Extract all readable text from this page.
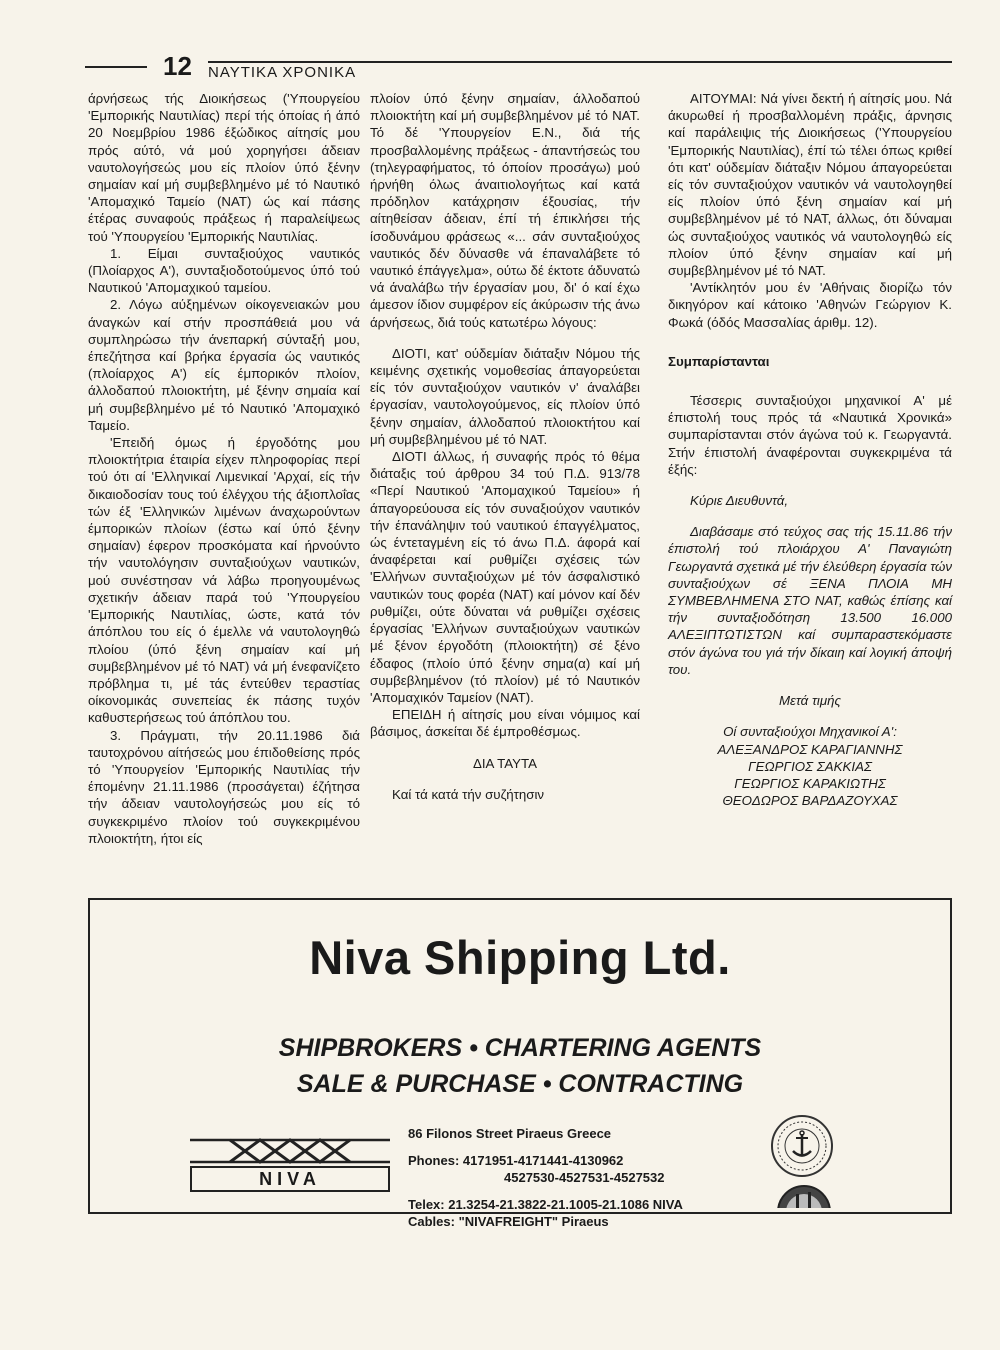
12 ΝΑΥΤΙΚΑ ΧΡΟΝΙΚΑ

άρνήσεως τής Διοικήσεως ('Υπουργείου 'Εμπορικής Ναυτιλίας) περί τής όποίας ή άπό 20 Νοεμβρίου 1986 έξώδικος αίτησίς μου πρός αύτό, νά μού χορηγήσει άδειαν ναυτολογήσεώς μου είς πλοίον ύπό ξένην σημαίαν καί μή συμβεβλημένο μέ τό Ναυτικό 'Απομαχικό Ταμείο (ΝΑΤ) ώς καί πάσης έτέρας συναφούς πράξεως ή παραλείψεως τού 'Υπουργείου 'Εμπορικής Ναυτιλίας.

1. Είμαι συνταξιούχος ναυτικός (Πλοίαρχος Α'), συνταξιοδοτούμενος ύπό τού Ναυτικού 'Απομαχικού ταμείου.

2. Λόγω αύξημένων οίκογενειακών μου άναγκών καί στήν προσπάθειά μου νά συμπληρώσω τήν άνεπαρκή σύνταξή μου, έπεζήτησα καί βρήκα έργασία ώς ναυτικός (πλοίαρχος Α') είς έμπορικόν πλοίον, άλλοδαπού πλοιοκτήτη, μέ ξένην σημαία καί μή συμβεβλημένο μέ τό Ναυτικό 'Απομαχικό Ταμείο.

'Επειδή όμως ή έργοδότης μου πλοιοκτήτρια έταιρία είχεν πληροφορίας περί τού ότι αί 'Ελληνικαί Λιμενικαί 'Αρχαί, είς τήν δικαιοδοσίαν τους τού έλέγχου τής άξιοπλοΐας τών έξ 'Ελληνικών λιμένων άναχωρούντων έμπορικών πλοίων (έστω καί ύπό ξένην σημαίαν) έφερον προσκόματα καί ήρνούντο τήν ναυτολόγησιν συνταξιούχων ναυτικών, μού συνέστησαν νά λάβω προηγουμένως σχετικήν άδειαν παρά τού 'Υπουργείου 'Εμπορικής Ναυτιλίας, ώστε, κατά τόν άπόπλου του είς ό έμελλε νά ναυτολογηθώ πλοίου (ύπό ξένη σημαίαν καί μή συμβεβλημένον μέ τό ΝΑΤ) νά μή ένεφανίζετο πρόβλημα τι, μέ τάς έντεύθεν τεραστίας οίκονομικάς συνεπείας έκ πάσης τυχόν καθυστερήσεως τού άπόπλου του.

3. Πράγματι, τήν 20.11.1986 διά ταυτοχρόνου αίτήσεώς μου έπιδοθείσης πρός τό 'Υπουργείον 'Εμπορικής Ναυτιλίας τήν έπομένην 21.11.1986 (προσάγεται) έζήτησα τήν άδειαν ναυτολογήσεώς μου είς τό συγκεκριμένο πλοίον τού συγκεκριμένου πλοιοκτήτη, ήτοι είς

πλοίον ύπό ξένην σημαίαν, άλλοδαπού πλοιοκτήτη καί μή συμβεβλημένον μέ τό ΝΑΤ. Τό δέ 'Υπουργείον Ε.Ν., διά τής προσβαλλομένης πράξεως - άπαντήσεώς του (τηλεγραφήματος, τό όποίον προσάγω) μού ήρνήθη όλως άναιτιολογήτως καί κατά πρόδηλον κατάχρησιν έξουσίας, τήν αίτηθείσαν άδειαν, έπί τή έπικλήσει τής ίσοδυνάμου φράσεως «... σάν συνταξιούχος ναυτικός δέν δύνασθε νά έπαναλάβετε τό ναυτικό έπάγγελμα», ούτω δέ έκτοτε άδυνατώ νά άναλάβω τήν έργασίαν μου, δι' ό καί έχω άμεσον ίδιον συμφέρον είς άκύρωσιν τής άνω άρνήσεως, διά τούς κατωτέρω λόγους:

ΔΙΟΤΙ, κατ' ούδεμίαν διάταξιν Νόμου τής κειμένης σχετικής νομοθεσίας άπαγορεύεται είς τόν συνταξιούχον ναυτικόν ν' άναλάβει έργασίαν, ναυτολογούμενος, είς πλοίον ύπό ξένην σημαίαν, άλλοδαπού πλοιοκτήτου καί μή συμβεβλημένου μέ τό ΝΑΤ.

ΔΙΟΤΙ άλλως, ή συναφής πρός τό θέμα διάταξις τού άρθρου 34 τού Π.Δ. 913/78 «Περί Ναυτικού 'Απομαχικού Ταμείου» ή άπαγορεύουσα είς τόν συναξιούχον ναυτικόν τήν έπανάληψιν τού ναυτικού έπαγγέλματος, ώς έντεταγμένη είς τό άνω Π.Δ. άφορά καί άναφέρεται καί ρυθμίζει σχέσεις τών 'Ελλήνων συνταξιούχων μέ τόν άσφαλιστικό ναυτικών τους φορέα (ΝΑΤ) καί μόνον καί δέν ρυθμίζει, ούτε δύναται νά ρυθμίζει σχέσεις έργασίας 'Ελλήνων συνταξιούχων ναυτικών μέ ξένον έργοδότη (πλοιοκτήτη) σέ ξένο έδαφος (πλοίο ύπό ξένην σημα(α) καί μή συμβεβλημένον (τό πλοίον) μέ τό Ναυτικόν 'Απομαχικόν Ταμείον (ΝΑΤ).

ΕΠΕΙΔΗ ή αίτησίς μου είναι νόμιμος καί βάσιμος, άσκείται δέ έμπροθέσμως.

ΔΙΑ ΤΑΥΤΑ

Καί τά κατά τήν συζήτησιν

ΑΙΤΟΥΜΑΙ: Νά γίνει δεκτή ή αίτησίς μου. Νά άκυρωθεί ή προσβαλλομένη πράξις, άρνησις καί παράλειψις τής Διοικήσεως ('Υπουργείου 'Εμπορικής Ναυτιλίας), έπί τώ τέλει όπως κριθεί ότι κατ' ούδεμίαν διάταξιν Νόμου άπαγορεύεται είς τόν συνταξιούχον ναυτικόν νά ναυτολογηθεί είς πλοίον ύπό ξένη σημαίαν καί μή συμβεβλημένον μέ τό ΝΑΤ, άλλως, ότι δύναμαι ώς συνταξιούχος ναυτικός νά ναυτολογηθώ είς πλοίον ύπό ξένην σημαίαν καί μή συμβεβλημένον μέ τό ΝΑΤ.

'Αντίκλητόν μου έν 'Αθήναις διορίζω τόν δικηγόρον καί κάτοικο 'Αθηνών Γεώργιον Κ. Φωκά (όδός Μασσαλίας άριθμ. 12).

Συμπαρίστανται

Τέσσερις συνταξιούχοι μηχανικοί Α' μέ έπιστολή τους πρός τά «Ναυτικά Χρονικά» συμπαρίστανται στόν άγώνα τού κ. Γεωργαντά. Στήν έπιστολή άναφέρονται συγκεκριμένα τά έξής:

Κύριε Διευθυντά,

Διαβάσαμε στό τεύχος σας τής 15.11.86 τήν έπιστολή τού πλοιάρχου Α' Παναγιώτη Γεωργαντά σχετικά μέ τήν έλεύθερη έργασία τών συνταξιούχων σέ ΞΕΝΑ ΠΛΟΙΑ ΜΗ ΣΥΜΒΕΒΛΗΜΕΝΑ ΣΤΟ ΝΑΤ, καθώς έπίσης καί τήν συνταξιοδότηση 13.500 16.000 ΑΛΕΞΙΠΤΩΤΙΣΤΩΝ καί συμπαραστεκόμαστε στόν άγώνα του γιά τήν δίκαιη καί λογική άποψή του.

Μετά τιμής

Οί συνταξιούχοι Μηχανικοί Α':

ΑΛΕΞΑΝΔΡΟΣ ΚΑΡΑΓΙΑΝΝΗΣ

ΓΕΩΡΓΙΟΣ ΣΑΚΚΙΑΣ

ΓΕΩΡΓΙΟΣ ΚΑΡΑΚΙΩΤΗΣ

ΘΕΟΔΩΡΟΣ ΒΑΡΔΑΖΟΥΧΑΣ

Niva Shipping Ltd.
SHIPBROKERS • CHARTERING AGENTS
SALE & PURCHASE • CONTRACTING
NIVA
86 Filonos Street Piraeus Greece
Phones: 4171951-4171441-4130962
4527530-4527531-4527532
Telex: 21.3254-21.3822-21.1005-21.1086 NIVA
Cables: "NIVAFREIGHT" Piraeus
